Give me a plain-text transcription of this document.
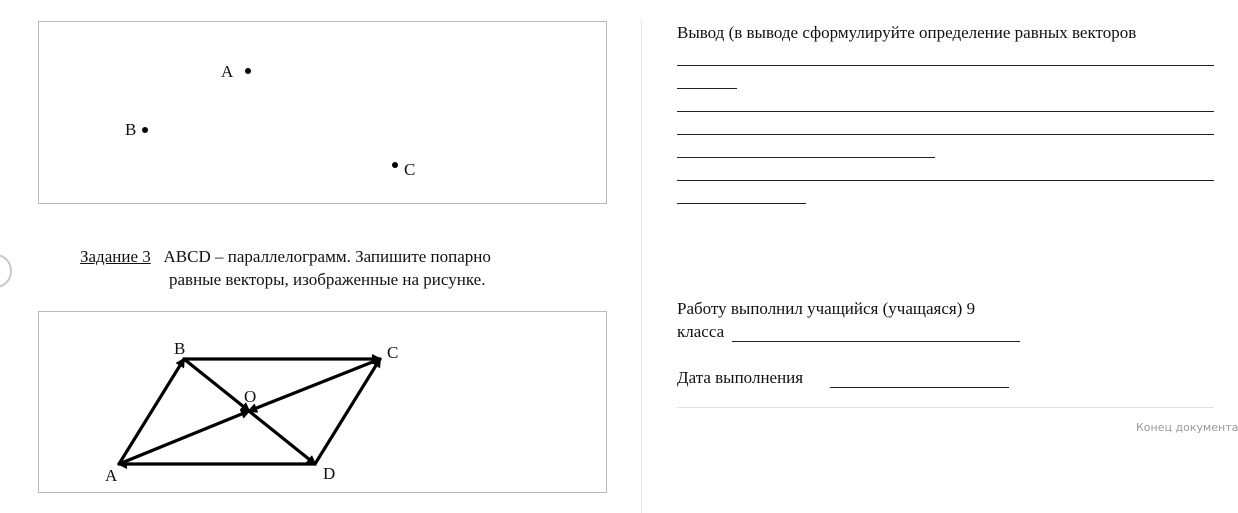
A
B
C
Задание 3 ABCD – параллелограмм. Запишите попарно
равные векторы, изображенные на рисунке.
B	C
O
A	D
Вывод (в выводе сформулируйте определение равных векторов
Работу выполнил учащийся (учащаяся) 9
класса
Дата выполнения
Конец документа
